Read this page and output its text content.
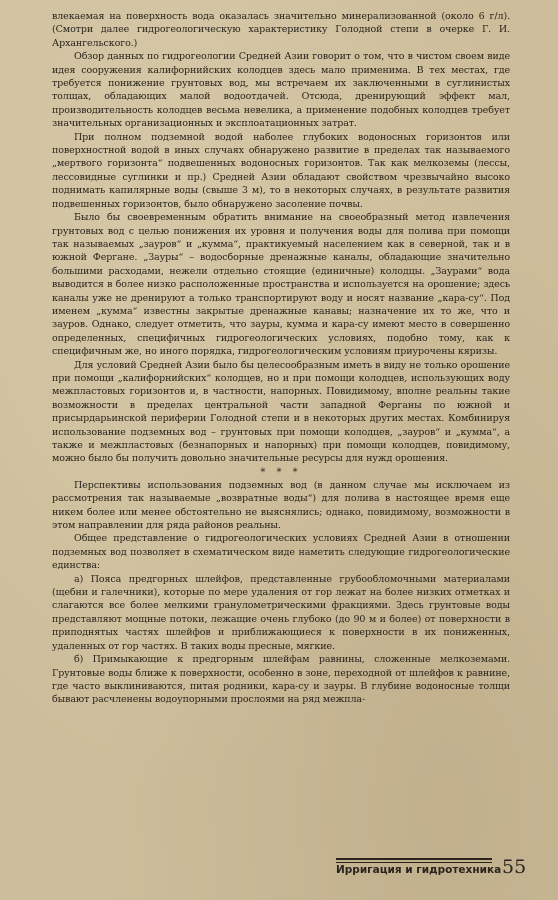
влекаемая на поверхность вода оказалась значительно минерализованной (около 6 г/л). (Смотри далее гидрогеологическую характеристику Голодной степи в очерке Г. И. Архангельского.)

Обзор данных по гидрогеологии Средней Азии говорит о том, что в чистом своем виде идея сооружения калифорнийских колодцев здесь мало применима. В тех местах, где требуется понижение грунтовых вод, мы встречаем их заключенными в суглинистых толщах, обладающих малой водоотдачей. Отсюда, дренирующий эффект мал, производительность колодцев весьма невелика, а применение подобных колодцев требует значительных организационных и эксплоатационных затрат.

При полном подземной водой наболее глубоких водоносных горизонтов или поверхностной водой в иных случаях обнаружено развитие в пределах так называемого „мертвого горизонта“ подвешенных водоносных горизонтов. Так как мелкоземы (лессы, лессовидные суглинки и пр.) Средней Азии обладают свойством чрезвычайно высоко поднимать капилярные воды (свыше 3 м), то в некоторых случаях, в результате развития подвешенных горизонтов, было обнаружено засоление почвы.

Было бы своевременным обратить внимание на своеобразный метод извлечения грунтовых вод с целью понижения их уровня и получения воды для полива при помощи так называемых „зауров“ и „кумма“, практикуемый населением как в северной, так и в южной Фергане. „Зауры“ – водосборные дренажные каналы, обладающие значительно большими расходами, нежели отдельно стоящие (единичные) колодцы. „Заурами“ вода выводится в более низко расположенные пространства и используется на орошение; здесь каналы уже не дренируют а только транспортируют воду и носят название „кара-су“. Под именем „кумма“ известны закрытые дренажные канавы; назначение их то же, что и зауров. Однако, следует отметить, что зауры, кумма и кара-су имеют место в совершенно определенных, специфичных гидрогеологических условиях, подобно тому, как к специфичным же, но иного порядка, гидрогеологическим условиям приурочены кяризы.

Для условий Средней Азии было бы целесообразным иметь в виду не только орошение при помощи „калифорнийских“ колодцев, но и при помощи колодцев, использующих воду межпластовых горизонтов и, в частности, напорных. Повидимому, вполне реальны такие возможности в пределах центральной части западной Ферганы по южной и присырдарьинской периферии Голодной степи и в некоторых других местах. Комбинируя использование подземных вод – грунтовых при помощи колодцев, „зауров“ и „кумма“, а также и межпластовых (безнапорных и напорных) при помощи колодцев, повидимому, можно было бы получить довольно значительные ресурсы для нужд орошения.

* * *

Перспективы использования подземных вод (в данном случае мы исключаем из рассмотрения так называемые „возвратные воды“) для полива в настоящее время еще никем более или менее обстоятельно не выяснялись; однако, повидимому, возможности в этом направлении для ряда районов реальны.

Общее представление о гидрогеологических условиях Средней Азии в отношении подземных вод позволяет в схематическом виде наметить следующие гидрогеологические единства:

а) Пояса предгорных шлейфов, представленные грубообломочными материалами (щебни и галечники), которые по мере удаления от гор лежат на более низких отметках и слагаются все более мелкими гранулометрическими фракциями. Здесь грунтовые воды представляют мощные потоки, лежащие очень глубоко (до 90 м и более) от поверхности в приподнятых частях шлейфов и приближающиеся к поверхности в их пониженных, удаленных от гор частях. В таких воды пресные, мягкие.

б) Примыкающие к предгорным шлейфам равнины, сложенные мелкоземами. Грунтовые воды ближе к поверхности, особенно в зоне, переходной от шлейфов к равнине, где часто выклиниваются, питая родники, кара-су и зауры. В глубине водоносные толщи бывают расчленены водоупорными прослоями на ряд межпла-

Ирригация и гидротехника 55
